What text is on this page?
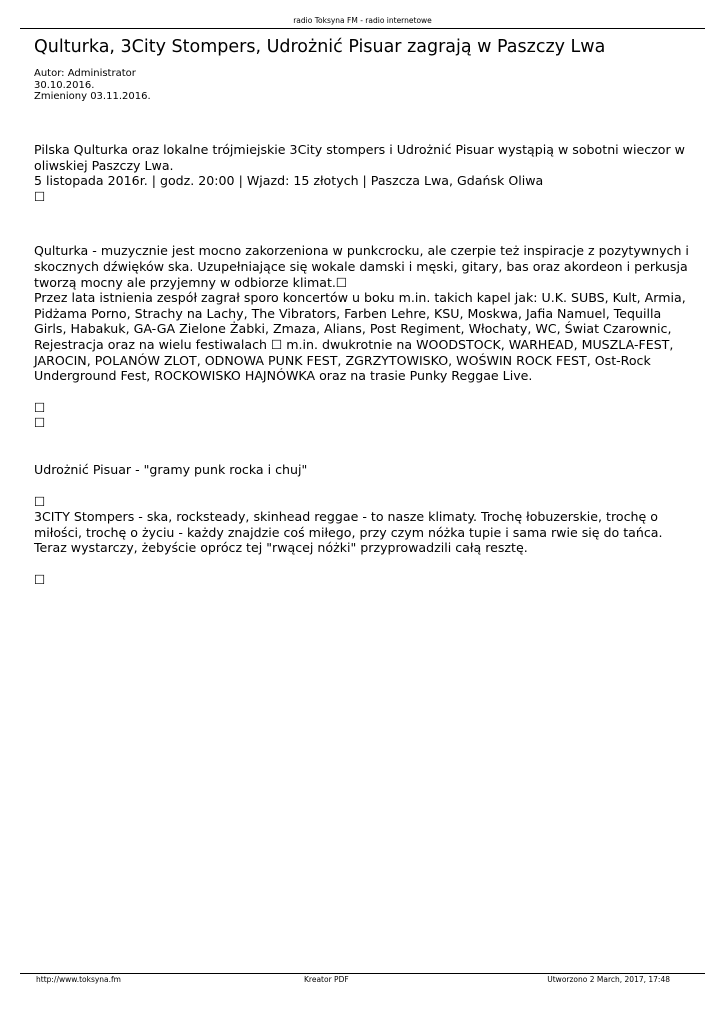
radio Toksyna FM - radio internetowe
Qulturka, 3City Stompers, Udrożnić Pisuar zagrają w Paszczy Lwa
Autor: Administrator
30.10.2016.
Zmieniony 03.11.2016.

Pilska Qulturka oraz lokalne trójmiejskie 3City stompers i Udrożnić Pisuar wystąpią w sobotni wieczor w oliwskiej Paszczy Lwa.

5 listopada 2016r. | godz. 20:00 | Wjazd: 15 złotych | Paszcza Lwa, Gdańsk Oliwa

☐

Qulturka - muzycznie jest mocno zakorzeniona w punkcrocku, ale czerpie też inspiracje z pozytywnych i skocznych dźwięków ska. Uzupełniające się wokale damski i męski, gitary, bas oraz akordeon i perkusja tworzą mocny ale przyjemny w odbiorze klimat.☐

Przez lata istnienia zespół zagrał sporo koncertów u boku m.in. takich kapel jak: U.K. SUBS, Kult, Armia, Pidżama Porno, Strachy na Lachy, The Vibrators, Farben Lehre, KSU, Moskwa, Jafia Namuel, Tequilla Girls, Habakuk, GA-GA Zielone Żabki, Zmaza, Alians, Post Regiment, Włochaty, WC, Świat Czarownic, Rejestracja oraz na wielu festiwalach ☐ m.in. dwukrotnie na WOODSTOCK, WARHEAD, MUSZLA-FEST, JAROCIN, POLANÓW ZLOT, ODNOWA PUNK FEST, ZGRZYTOWISKO, WOŚWIN ROCK FEST, Ost-Rock Underground Fest, ROCKOWISKO HAJNÓWKA oraz na trasie Punky Reggae Live.

☐
☐

Udrożnić Pisuar - "gramy punk rocka i chuj"

☐

3CITY Stompers - ska, rocksteady, skinhead reggae - to nasze klimaty. Trochę łobuzerskie, trochę o miłości, trochę o życiu - każdy znajdzie coś miłego, przy czym nóżka tupie i sama rwie się do tańca. Teraz wystarczy, żebyście oprócz tej "rwącej nóżki" przyprowadzili całą resztę.

☐
http://www.toksyna.fm	Kreator PDF	Utworzono 2 March, 2017, 17:48
